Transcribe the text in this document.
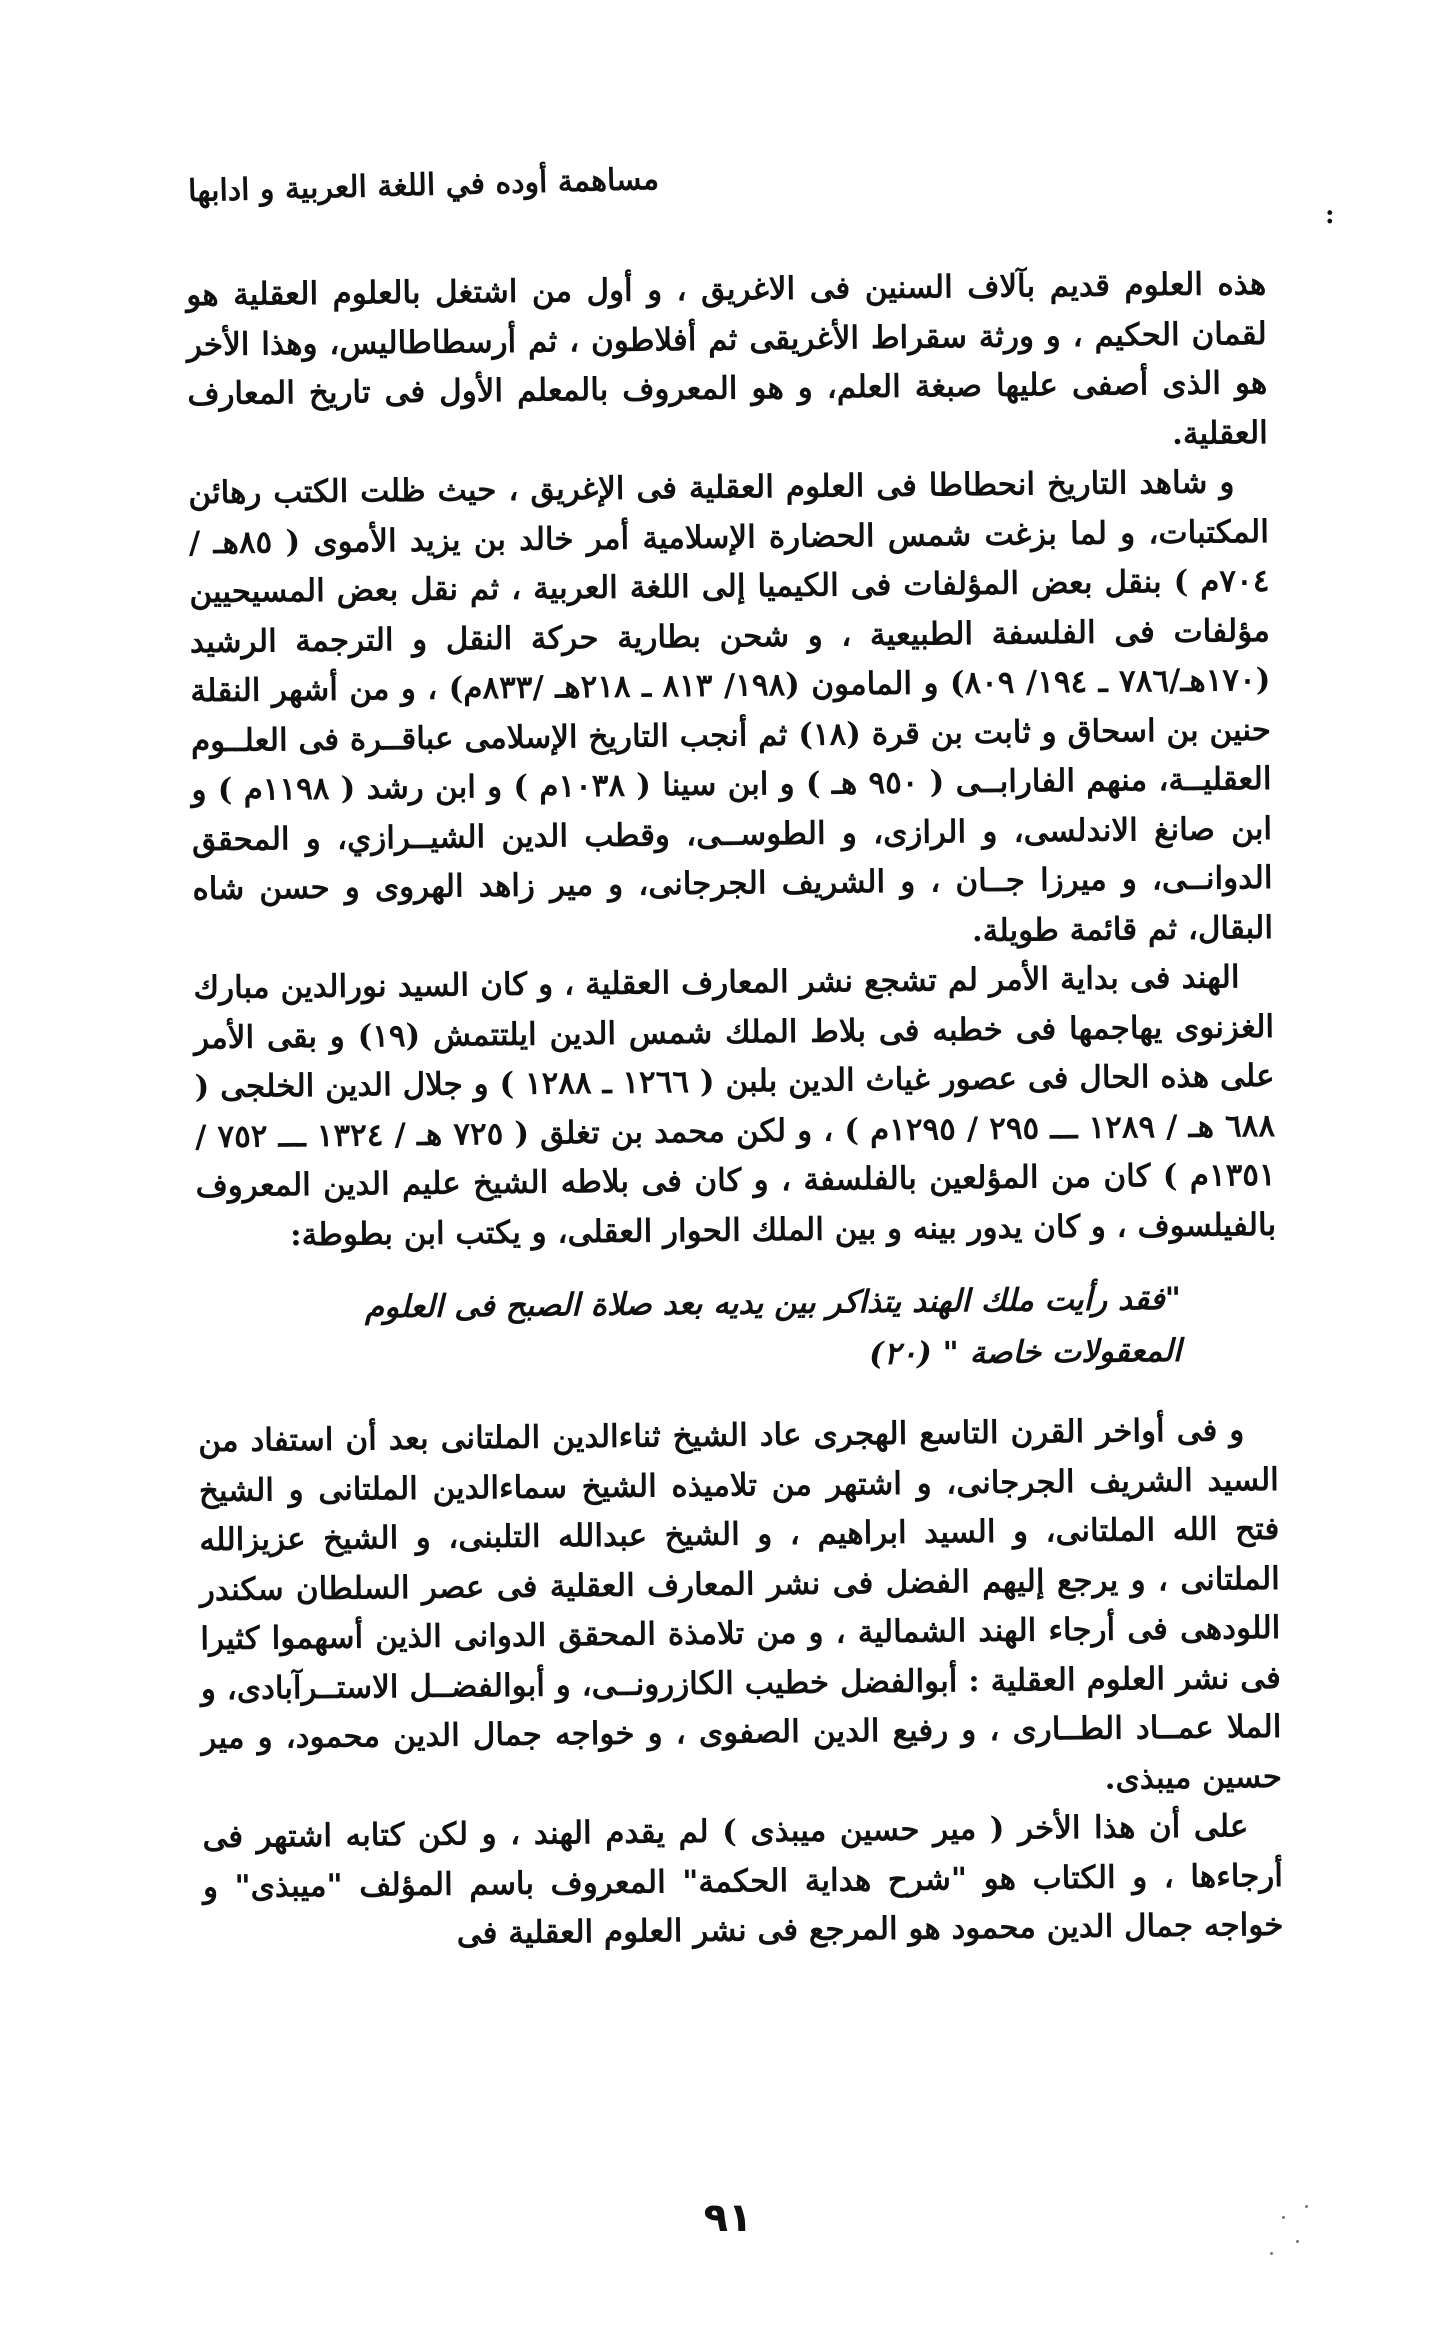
مساهمة أوده في اللغة العربية و ادابها
:

هذه العلوم قديم بآلاف السنين فى الاغريق ، و أول من اشتغل بالعلوم العقلية هو لقمان الحكيم ، و ورثة سقراط الأغريقى ثم أفلاطون ، ثم أرسطاطاليس، وهذا الأخر هو الذى أصفى عليها صبغة العلم، و هو المعروف بالمعلم الأول فى تاريخ المعارف العقلية.

و شاهد التاريخ انحطاطا فى العلوم العقلية فى الإغريق ، حيث ظلت الكتب رهائن المكتبات، و لما بزغت شمس الحضارة الإسلامية أمر خالد بن يزيد الأموى ( ٨٥هـ / ٧٠٤م ) بنقل بعض المؤلفات فى الكيميا إلى اللغة العربية ، ثم نقل بعض المسيحيين مؤلفات فى الفلسفة الطبيعية ، و شحن بطارية حركة النقل و الترجمة الرشيد (١٧٠هـ/٧٨٦ ـ ١٩٤/ ٨٠٩) و المامون (١٩٨/ ٨١٣ ـ ٢١٨هـ /٨٣٣م) ، و من أشهر النقلة حنين بن اسحاق و ثابت بن قرة (١٨) ثم أنجب التاريخ الإسلامى عباقــرة فى العلــوم العقليــة، منهم الفارابــى ( ٩٥٠ هـ ) و ابن سينا ( ١٠٣٨م ) و ابن رشد ( ١١٩٨م ) و ابن صانغ الاندلسى، و الرازى، و الطوســى، وقطب الدين الشيــرازي، و المحقق الدوانــى، و ميرزا جــان ، و الشريف الجرجانى، و مير زاهد الهروى و حسن شاه البقال، ثم قائمة طويلة.

الهند فى بداية الأمر لم تشجع نشر المعارف العقلية ، و كان السيد نورالدين مبارك الغزنوى يهاجمها فى خطبه فى بلاط الملك شمس الدين ايلتتمش (١٩) و بقى الأمر على هذه الحال فى عصور غياث الدين بلبن ( ١٢٦٦ ـ ١٢٨٨ ) و جلال الدين الخلجى ( ٦٨٨ هـ / ١٢٨٩ ـــ ٢٩٥ / ١٢٩٥م ) ، و لكن محمد بن تغلق ( ٧٢٥ هـ / ١٣٢٤ ـــ ٧٥٢ / ١٣٥١م ) كان من المؤلعين بالفلسفة ، و كان فى بلاطه الشيخ عليم الدين المعروف بالفيلسوف ، و كان يدور بينه و بين الملك الحوار العقلى، و يكتب ابن بطوطة:

"فقد رأيت ملك الهند يتذاكر بين يديه بعد صلاة الصبح فى العلوم المعقولات خاصة " (٢٠)

و فى أواخر القرن التاسع الهجرى عاد الشيخ ثناءالدين الملتانى بعد أن استفاد من السيد الشريف الجرجانى، و اشتهر من تلاميذه الشيخ سماءالدين الملتانى و الشيخ فتح الله الملتانى، و السيد ابراهيم ، و الشيخ عبدالله التلبنى، و الشيخ عزيزالله الملتانى ، و يرجع إليهم الفضل فى نشر المعارف العقلية فى عصر السلطان سكندر اللودهى فى أرجاء الهند الشمالية ، و من تلامذة المحقق الدوانى الذين أسهموا كثيرا فى نشر العلوم العقلية : أبوالفضل خطيب الكازرونــى، و أبوالفضــل الاستــرآبادى، و الملا عمــاد الطــارى ، و رفيع الدين الصفوى ، و خواجه جمال الدين محمود، و مير حسين ميبذى.

على أن هذا الأخر ( مير حسين ميبذى ) لم يقدم الهند ، و لكن كتابه اشتهر فى أرجاءها ، و الكتاب هو "شرح هداية الحكمة" المعروف باسم المؤلف "ميبذى" و خواجه جمال الدين محمود هو المرجع فى نشر العلوم العقلية فى

٩١
